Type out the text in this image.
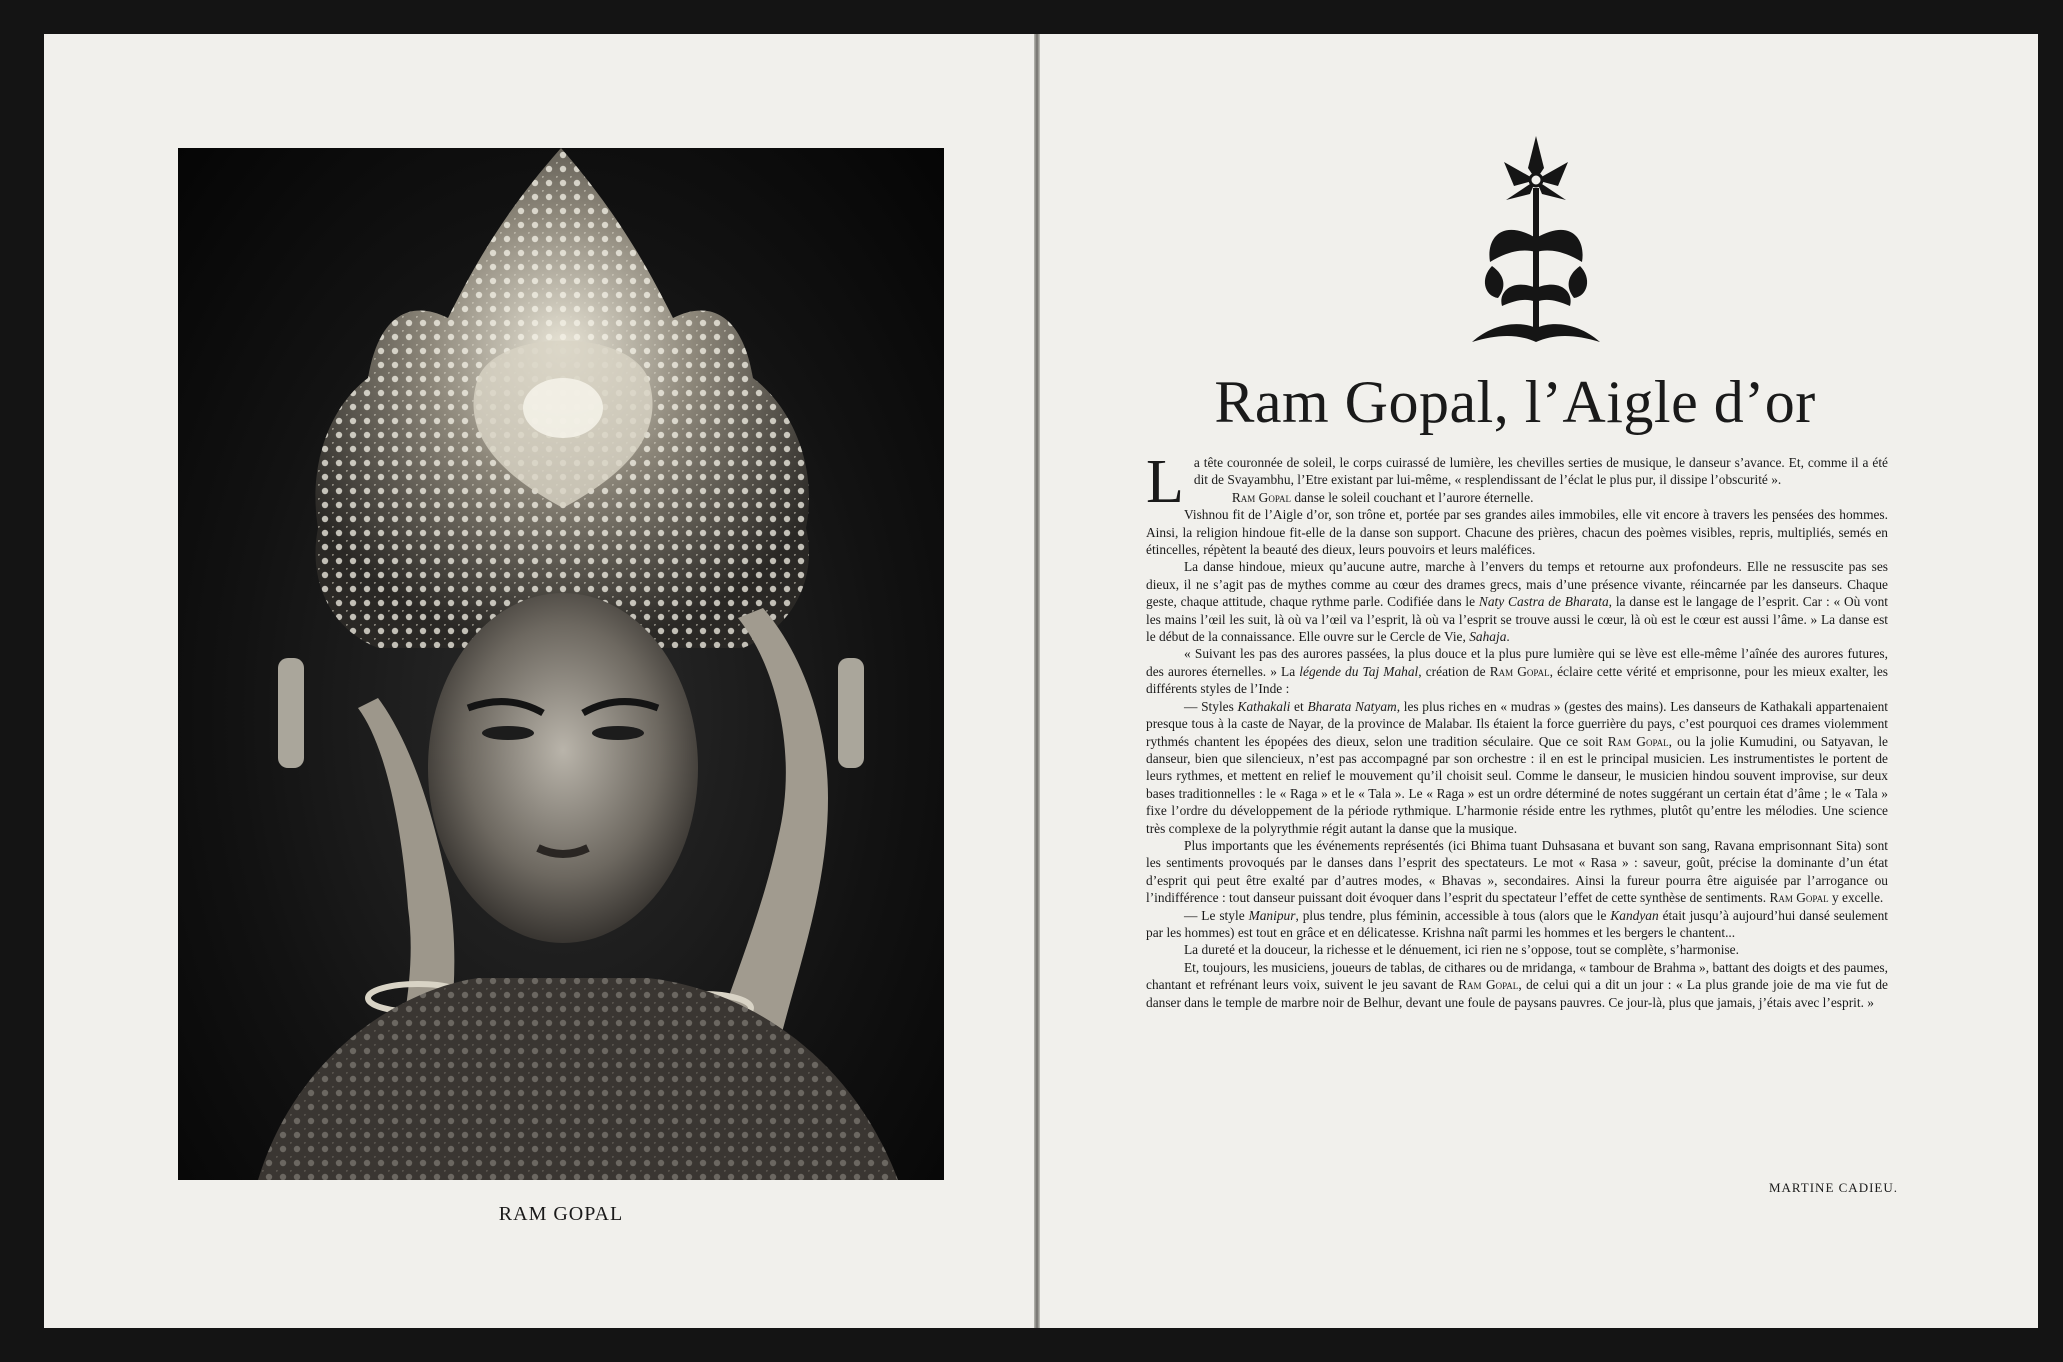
RAM GOPAL
Ram Gopal, l’Aigle d’or

La tête couronnée de soleil, le corps cuirassé de lumière, les chevilles serties de musique, le danseur s’avance. Et, comme il a été dit de Svayambhu, l’Etre existant par lui-même, « resplendissant de l’éclat le plus pur, il dissipe l’obscurité ».

Ram Gopal danse le soleil couchant et l’aurore éternelle.

Vishnou fit de l’Aigle d’or, son trône et, portée par ses grandes ailes immobiles, elle vit encore à travers les pensées des hommes. Ainsi, la religion hindoue fit-elle de la danse son support. Chacune des prières, chacun des poèmes visibles, repris, multipliés, semés en étincelles, répètent la beauté des dieux, leurs pouvoirs et leurs maléfices.

La danse hindoue, mieux qu’aucune autre, marche à l’envers du temps et retourne aux profondeurs. Elle ne ressuscite pas ses dieux, il ne s’agit pas de mythes comme au cœur des drames grecs, mais d’une présence vivante, réincarnée par les danseurs. Chaque geste, chaque attitude, chaque rythme parle. Codifiée dans le Naty Castra de Bharata, la danse est le langage de l’esprit. Car : « Où vont les mains l’œil les suit, là où va l’œil va l’esprit, là où va l’esprit se trouve aussi le cœur, là où est le cœur est aussi l’âme. » La danse est le début de la connaissance. Elle ouvre sur le Cercle de Vie, Sahaja.

« Suivant les pas des aurores passées, la plus douce et la plus pure lumière qui se lève est elle-même l’aînée des aurores futures, des aurores éternelles. » La légende du Taj Mahal, création de Ram Gopal, éclaire cette vérité et emprisonne, pour les mieux exalter, les différents styles de l’Inde :

— Styles Kathakali et Bharata Natyam, les plus riches en « mudras » (gestes des mains). Les danseurs de Kathakali appartenaient presque tous à la caste de Nayar, de la province de Malabar. Ils étaient la force guerrière du pays, c’est pourquoi ces drames violemment rythmés chantent les épopées des dieux, selon une tradition séculaire. Que ce soit Ram Gopal, ou la jolie Kumudini, ou Satyavan, le danseur, bien que silencieux, n’est pas accompagné par son orchestre : il en est le principal musicien. Les instrumentistes le portent de leurs rythmes, et mettent en relief le mouvement qu’il choisit seul. Comme le danseur, le musicien hindou souvent improvise, sur deux bases traditionnelles : le « Raga » et le « Tala ». Le « Raga » est un ordre déterminé de notes suggérant un certain état d’âme ; le « Tala » fixe l’ordre du développement de la période rythmique. L’harmonie réside entre les rythmes, plutôt qu’entre les mélodies. Une science très complexe de la polyrythmie régit autant la danse que la musique.

Plus importants que les événements représentés (ici Bhima tuant Duhsasana et buvant son sang, Ravana emprisonnant Sita) sont les sentiments provoqués par le danses dans l’esprit des spectateurs. Le mot « Rasa » : saveur, goût, précise la dominante d’un état d’esprit qui peut être exalté par d’autres modes, « Bhavas », secondaires. Ainsi la fureur pourra être aiguisée par l’arrogance ou l’indifférence : tout danseur puissant doit évoquer dans l’esprit du spectateur l’effet de cette synthèse de sentiments. Ram Gopal y excelle.

— Le style Manipur, plus tendre, plus féminin, accessible à tous (alors que le Kandyan était jusqu’à aujourd’hui dansé seulement par les hommes) est tout en grâce et en délicatesse. Krishna naît parmi les hommes et les bergers le chantent...

La dureté et la douceur, la richesse et le dénuement, ici rien ne s’oppose, tout se complète, s’harmonise.

Et, toujours, les musiciens, joueurs de tablas, de cithares ou de mridanga, « tambour de Brahma », battant des doigts et des paumes, chantant et refrénant leurs voix, suivent le jeu savant de Ram Gopal, de celui qui a dit un jour : « La plus grande joie de ma vie fut de danser dans le temple de marbre noir de Belhur, devant une foule de paysans pauvres. Ce jour-là, plus que jamais, j’étais avec l’esprit. »

MARTINE CADIEU.
